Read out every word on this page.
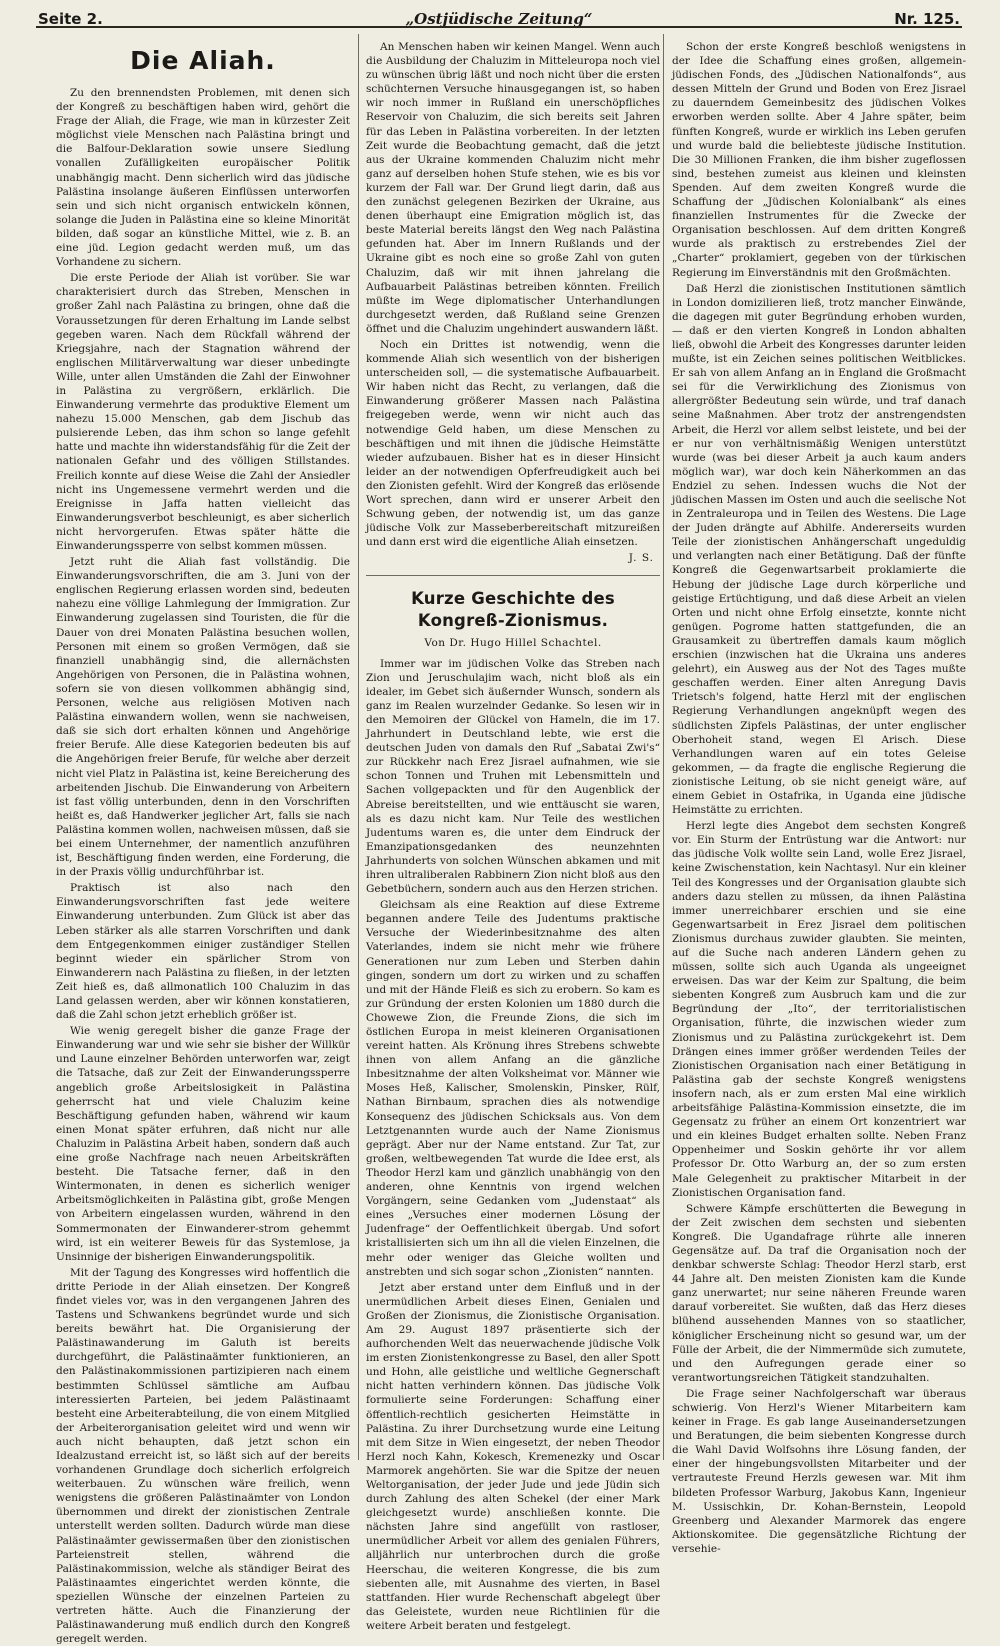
Seite 2.	„Ostjüdische Zeitung“	Nr. 125.
Die Aliah.

Zu den brennendsten Problemen, mit denen sich der Kongreß zu beschäftigen haben wird, gehört die Frage der Aliah, die Frage, wie man in kürzester Zeit möglichst viele Menschen nach Palästina bringt und die Balfour-Deklaration sowie unsere Siedlung vonallen Zufälligkeiten europäischer Politik unabhängig macht. Denn sicherlich wird das jüdische Palästina insolange äußeren Einflüssen unterworfen sein und sich nicht organisch entwickeln können, solange die Juden in Palästina eine so kleine Minorität bilden, daß sogar an künstliche Mittel, wie z. B. an eine jüd. Legion gedacht werden muß, um das Vorhandene zu sichern.

Die erste Periode der Aliah ist vorüber. Sie war charakterisiert durch das Streben, Menschen in großer Zahl nach Palästina zu bringen, ohne daß die Voraussetzungen für deren Erhaltung im Lande selbst gegeben waren. Nach dem Rückfall während der Kriegsjahre, nach der Stagnation während der englischen Militärverwaltung war dieser unbedingte Wille, unter allen Umständen die Zahl der Einwohner in Palästina zu vergrößern, erklärlich. Die Einwanderung vermehrte das produktive Element um nahezu 15.000 Menschen, gab dem Jischub das pulsierende Leben, das ihm schon so lange gefehlt hatte und machte ihn widerstandsfähig für die Zeit der nationalen Gefahr und des völligen Stillstandes. Freilich konnte auf diese Weise die Zahl der Ansiedler nicht ins Ungemessene vermehrt werden und die Ereignisse in Jaffa hatten vielleicht das Einwanderungsverbot beschleunigt, es aber sicherlich nicht hervorgerufen. Etwas später hätte die Einwanderungssperre von selbst kommen müssen.

Jetzt ruht die Aliah fast vollständig. Die Einwanderungsvorschriften, die am 3. Juni von der englischen Regierung erlassen worden sind, bedeuten nahezu eine völlige Lahmlegung der Immigration. Zur Einwanderung zugelassen sind Touristen, die für die Dauer von drei Monaten Palästina besuchen wollen, Personen mit einem so großen Vermögen, daß sie finanziell unabhängig sind, die allernächsten Angehörigen von Personen, die in Palästina wohnen, sofern sie von diesen vollkommen abhängig sind, Personen, welche aus religiösen Motiven nach Palästina einwandern wollen, wenn sie nachweisen, daß sie sich dort erhalten können und Angehörige freier Berufe. Alle diese Kategorien bedeuten bis auf die Angehörigen freier Berufe, für welche aber derzeit nicht viel Platz in Palästina ist, keine Bereicherung des arbeitenden Jischub. Die Einwanderung von Arbeitern ist fast völlig unterbunden, denn in den Vorschriften heißt es, daß Handwerker jeglicher Art, falls sie nach Palästina kommen wollen, nachweisen müssen, daß sie bei einem Unternehmer, der namentlich anzuführen ist, Beschäftigung finden werden, eine Forderung, die in der Praxis völlig undurchführbar ist.

Praktisch ist also nach den Einwanderungsvorschriften fast jede weitere Einwanderung unterbunden. Zum Glück ist aber das Leben stärker als alle starren Vorschriften und dank dem Entgegenkommen einiger zuständiger Stellen beginnt wieder ein spärlicher Strom von Einwanderern nach Palästina zu fließen, in der letzten Zeit hieß es, daß allmonatlich 100 Chaluzim in das Land gelassen werden, aber wir können konstatieren, daß die Zahl schon jetzt erheblich größer ist.

Wie wenig geregelt bisher die ganze Frage der Einwanderung war und wie sehr sie bisher der Willkür und Laune einzelner Behörden unterworfen war, zeigt die Tatsache, daß zur Zeit der Einwanderungssperre angeblich große Arbeitslosigkeit in Palästina geherrscht hat und viele Chaluzim keine Beschäftigung gefunden haben, während wir kaum einen Monat später erfuhren, daß nicht nur alle Chaluzim in Palästina Arbeit haben, sondern daß auch eine große Nachfrage nach neuen Arbeitskräften besteht. Die Tatsache ferner, daß in den Wintermonaten, in denen es sicherlich weniger Arbeitsmöglichkeiten in Palästina gibt, große Mengen von Arbeitern eingelassen wurden, während in den Sommermonaten der Einwanderer-strom gehemmt wird, ist ein weiterer Beweis für das Systemlose, ja Unsinnige der bisherigen Einwanderungspolitik.

Mit der Tagung des Kongresses wird hoffentlich die dritte Periode in der Aliah einsetzen. Der Kongreß findet vieles vor, was in den vergangenen Jahren des Tastens und Schwankens begründet wurde und sich bereits bewährt hat. Die Organisierung der Palästinawanderung im Galuth ist bereits durchgeführt, die Palästinaämter funktionieren, an den Palästinakommissionen partizipieren nach einem bestimmten Schlüssel sämtliche am Aufbau interessierten Parteien, bei jedem Palästinaamt besteht eine Arbeiterabteilung, die von einem Mitglied der Arbeiterorganisation geleitet wird und wenn wir auch nicht behaupten, daß jetzt schon ein Idealzustand erreicht ist, so läßt sich auf der bereits vorhandenen Grundlage doch sicherlich erfolgreich weiterbauen. Zu wünschen wäre freilich, wenn wenigstens die größeren Palästinaämter von London übernommen und direkt der zionistischen Zentrale unterstellt werden sollten. Dadurch würde man diese Palästinaämter gewissermaßen über den zionistischen Parteienstreit stellen, während die Palästinakommission, welche als ständiger Beirat des Palästinaamtes eingerichtet werden könnte, die speziellen Wünsche der einzelnen Parteien zu vertreten hätte. Auch die Finanzierung der Palästinawanderung muß endlich durch den Kongreß geregelt werden.

An Menschen haben wir keinen Mangel. Wenn auch die Ausbildung der Chaluzim in Mitteleuropa noch viel zu wünschen übrig läßt und noch nicht über die ersten schüchternen Versuche hinausgegangen ist, so haben wir noch immer in Rußland ein unerschöpfliches Reservoir von Chaluzim, die sich bereits seit Jahren für das Leben in Palästina vorbereiten. In der letzten Zeit wurde die Beobachtung gemacht, daß die jetzt aus der Ukraine kommenden Chaluzim nicht mehr ganz auf derselben hohen Stufe stehen, wie es bis vor kurzem der Fall war. Der Grund liegt darin, daß aus den zunächst gelegenen Bezirken der Ukraine, aus denen überhaupt eine Emigration möglich ist, das beste Material bereits längst den Weg nach Palästina gefunden hat. Aber im Innern Rußlands und der Ukraine gibt es noch eine so große Zahl von guten Chaluzim, daß wir mit ihnen jahrelang die Aufbauarbeit Palästinas betreiben könnten. Freilich müßte im Wege diplomatischer Unterhandlungen durchgesetzt werden, daß Rußland seine Grenzen öffnet und die Chaluzim ungehindert auswandern läßt.

Noch ein Drittes ist notwendig, wenn die kommende Aliah sich wesentlich von der bisherigen unterscheiden soll, — die systematische Aufbauarbeit. Wir haben nicht das Recht, zu verlangen, daß die Einwanderung größerer Massen nach Palästina freigegeben werde, wenn wir nicht auch das notwendige Geld haben, um diese Menschen zu beschäftigen und mit ihnen die jüdische Heimstätte wieder aufzubauen. Bisher hat es in dieser Hinsicht leider an der notwendigen Opferfreudigkeit auch bei den Zionisten gefehlt. Wird der Kongreß das erlösende Wort sprechen, dann wird er unserer Arbeit den Schwung geben, der notwendig ist, um das ganze jüdische Volk zur Masseberbereitschaft mitzureißen und dann erst wird die eigentliche Aliah einsetzen.

J. S.
Kurze Geschichte des Kongreß-Zionismus.
Von Dr. Hugo Hillel Schachtel.

Immer war im jüdischen Volke das Streben nach Zion und Jeruschulajim wach, nicht bloß als ein idealer, im Gebet sich äußernder Wunsch, sondern als ganz im Realen wurzelnder Gedanke. So lesen wir in den Memoiren der Glückel von Hameln, die im 17. Jahrhundert in Deutschland lebte, wie erst die deutschen Juden von damals den Ruf „Sabatai Zwi's“ zur Rückkehr nach Erez Jisrael aufnahmen, wie sie schon Tonnen und Truhen mit Lebensmitteln und Sachen vollgepackten und für den Augenblick der Abreise bereitstellten, und wie enttäuscht sie waren, als es dazu nicht kam. Nur Teile des westlichen Judentums waren es, die unter dem Eindruck der Emanzipationsgedanken des neunzehnten Jahrhunderts von solchen Wünschen abkamen und mit ihren ultraliberalen Rabbinern Zion nicht bloß aus den Gebetbüchern, sondern auch aus den Herzen strichen.

Gleichsam als eine Reaktion auf diese Extreme begannen andere Teile des Judentums praktische Versuche der Wiederinbesitznahme des alten Vaterlandes, indem sie nicht mehr wie frühere Generationen nur zum Leben und Sterben dahin gingen, sondern um dort zu wirken und zu schaffen und mit der Hände Fleiß es sich zu erobern. So kam es zur Gründung der ersten Kolonien um 1880 durch die Chowewe Zion, die Freunde Zions, die sich im östlichen Europa in meist kleineren Organisationen vereint hatten. Als Krönung ihres Strebens schwebte ihnen von allem Anfang an die gänzliche Inbesitznahme der alten Volksheimat vor. Männer wie Moses Heß, Kalischer, Smolenskin, Pinsker, Rülf, Nathan Birnbaum, sprachen dies als notwendige Konsequenz des jüdischen Schicksals aus. Von dem Letztgenannten wurde auch der Name Zionismus geprägt. Aber nur der Name entstand. Zur Tat, zur großen, weltbewegenden Tat wurde die Idee erst, als Theodor Herzl kam und gänzlich unabhängig von den anderen, ohne Kenntnis von irgend welchen Vorgängern, seine Gedanken vom „Judenstaat“ als eines „Versuches einer modernen Lösung der Judenfrage“ der Oeffentlichkeit übergab. Und sofort kristallisierten sich um ihn all die vielen Einzelnen, die mehr oder weniger das Gleiche wollten und anstrebten und sich sogar schon „Zionisten“ nannten.

Jetzt aber erstand unter dem Einfluß und in der unermüdlichen Arbeit dieses Einen, Genialen und Großen der Zionismus, die Zionistische Organisation. Am 29. August 1897 präsentierte sich der aufhorchenden Welt das neuerwachende jüdische Volk im ersten Zionistenkongresse zu Basel, den aller Spott und Hohn, alle geistliche und weltliche Gegnerschaft nicht hatten verhindern können. Das jüdische Volk formulierte seine Forderungen: Schaffung einer öffentlich-rechtlich gesicherten Heimstätte in Palästina. Zu ihrer Durchsetzung wurde eine Leitung mit dem Sitze in Wien eingesetzt, der neben Theodor Herzl noch Kahn, Kokesch, Kremenezky und Oscar Marmorek angehörten. Sie war die Spitze der neuen Weltorganisation, der jeder Jude und jede Jüdin sich durch Zahlung des alten Schekel (der einer Mark gleichgesetzt wurde) anschließen konnte. Die nächsten Jahre sind angefüllt von rastloser, unermüdlicher Arbeit vor allem des genialen Führers, alljährlich nur unterbrochen durch die große Heerschau, die weiteren Kongresse, die bis zum siebenten alle, mit Ausnahme des vierten, in Basel stattfanden. Hier wurde Rechenschaft abgelegt über das Geleistete, wurden neue Richtlinien für die weitere Arbeit beraten und festgelegt.

Schon der erste Kongreß beschloß wenigstens in der Idee die Schaffung eines großen, allgemein-jüdischen Fonds, des „Jüdischen Nationalfonds“, aus dessen Mitteln der Grund und Boden von Erez Jisrael zu dauerndem Gemeinbesitz des jüdischen Volkes erworben werden sollte. Aber 4 Jahre später, beim fünften Kongreß, wurde er wirklich ins Leben gerufen und wurde bald die beliebteste jüdische Institution. Die 30 Millionen Franken, die ihm bisher zugeflossen sind, bestehen zumeist aus kleinen und kleinsten Spenden. Auf dem zweiten Kongreß wurde die Schaffung der „Jüdischen Kolonialbank“ als eines finanziellen Instrumentes für die Zwecke der Organisation beschlossen. Auf dem dritten Kongreß wurde als praktisch zu erstrebendes Ziel der „Charter“ proklamiert, gegeben von der türkischen Regierung im Einverständnis mit den Großmächten.

Daß Herzl die zionistischen Institutionen sämtlich in London domizilieren ließ, trotz mancher Einwände, die dagegen mit guter Begründung erhoben wurden, — daß er den vierten Kongreß in London abhalten ließ, obwohl die Arbeit des Kongresses darunter leiden mußte, ist ein Zeichen seines politischen Weitblickes. Er sah von allem Anfang an in England die Großmacht sei für die Verwirklichung des Zionismus von allergrößter Bedeutung sein würde, und traf danach seine Maßnahmen. Aber trotz der anstrengendsten Arbeit, die Herzl vor allem selbst leistete, und bei der er nur von verhältnismäßig Wenigen unterstützt wurde (was bei dieser Arbeit ja auch kaum anders möglich war), war doch kein Näherkommen an das Endziel zu sehen. Indessen wuchs die Not der jüdischen Massen im Osten und auch die seelische Not in Zentraleuropa und in Teilen des Westens. Die Lage der Juden drängte auf Abhilfe. Andererseits wurden Teile der zionistischen Anhängerschaft ungeduldig und verlangten nach einer Betätigung. Daß der fünfte Kongreß die Gegenwartsarbeit proklamierte die Hebung der jüdische Lage durch körperliche und geistige Ertüchtigung, und daß diese Arbeit an vielen Orten und nicht ohne Erfolg einsetzte, konnte nicht genügen. Pogrome hatten stattgefunden, die an Grausamkeit zu übertreffen damals kaum möglich erschien (inzwischen hat die Ukraina uns anderes gelehrt), ein Ausweg aus der Not des Tages mußte geschaffen werden. Einer alten Anregung Davis Trietsch's folgend, hatte Herzl mit der englischen Regierung Verhandlungen angeknüpft wegen des südlichsten Zipfels Palästinas, der unter englischer Oberhoheit stand, wegen El Arisch. Diese Verhandlungen waren auf ein totes Geleise gekommen, — da fragte die englische Regierung die zionistische Leitung, ob sie nicht geneigt wäre, auf einem Gebiet in Ostafrika, in Uganda eine jüdische Heimstätte zu errichten.

Herzl legte dies Angebot dem sechsten Kongreß vor. Ein Sturm der Entrüstung war die Antwort: nur das jüdische Volk wollte sein Land, wolle Erez Jisrael, keine Zwischenstation, kein Nachtasyl. Nur ein kleiner Teil des Kongresses und der Organisation glaubte sich anders dazu stellen zu müssen, da ihnen Palästina immer unerreichbarer erschien und sie eine Gegenwartsarbeit in Erez Jisrael dem politischen Zionismus durchaus zuwider glaubten. Sie meinten, auf die Suche nach anderen Ländern gehen zu müssen, sollte sich auch Uganda als ungeeignet erweisen. Das war der Keim zur Spaltung, die beim siebenten Kongreß zum Ausbruch kam und die zur Begründung der „Ito“, der territorialistischen Organisation, führte, die inzwischen wieder zum Zionismus und zu Palästina zurückgekehrt ist. Dem Drängen eines immer größer werdenden Teiles der Zionistischen Organisation nach einer Betätigung in Palästina gab der sechste Kongreß wenigstens insofern nach, als er zum ersten Mal eine wirklich arbeitsfähige Palästina-Kommission einsetzte, die im Gegensatz zu früher an einem Ort konzentriert war und ein kleines Budget erhalten sollte. Neben Franz Oppenheimer und Soskin gehörte ihr vor allem Professor Dr. Otto Warburg an, der so zum ersten Male Gelegenheit zu praktischer Mitarbeit in der Zionistischen Organisation fand.

Schwere Kämpfe erschütterten die Bewegung in der Zeit zwischen dem sechsten und siebenten Kongreß. Die Ugandafrage rührte alle inneren Gegensätze auf. Da traf die Organisation noch der denkbar schwerste Schlag: Theodor Herzl starb, erst 44 Jahre alt. Den meisten Zionisten kam die Kunde ganz unerwartet; nur seine näheren Freunde waren darauf vorbereitet. Sie wußten, daß das Herz dieses blühend aussehenden Mannes von so staatlicher, königlicher Erscheinung nicht so gesund war, um der Fülle der Arbeit, die der Nimmermüde sich zumutete, und den Aufregungen gerade einer so verantwortungsreichen Tätigkeit standzuhalten.

Die Frage seiner Nachfolgerschaft war überaus schwierig. Von Herzl's Wiener Mitarbeitern kam keiner in Frage. Es gab lange Auseinandersetzungen und Beratungen, die beim siebenten Kongresse durch die Wahl David Wolfsohns ihre Lösung fanden, der einer der hingebungsvollsten Mitarbeiter und der vertrauteste Freund Herzls gewesen war. Mit ihm bildeten Professor Warburg, Jakobus Kann, Ingenieur M. Ussischkin, Dr. Kohan-Bernstein, Leopold Greenberg und Alexander Marmorek das engere Aktionskomitee. Die gegensätzliche Richtung der versehie-
